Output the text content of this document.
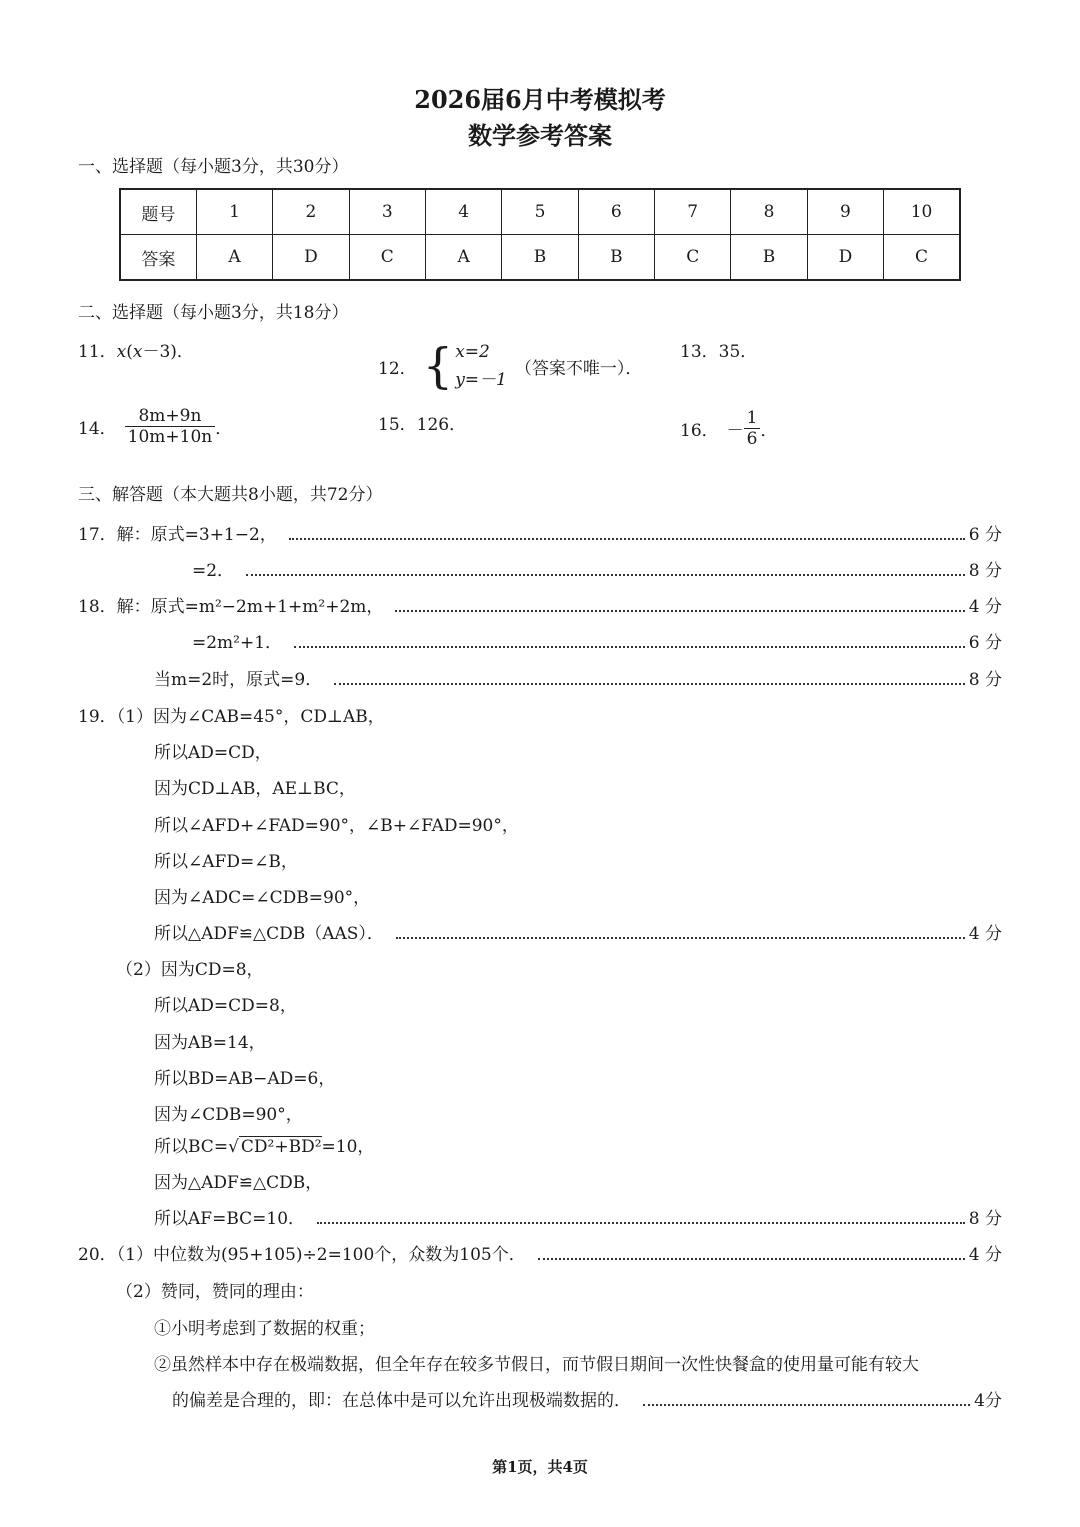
2026届6月中考模拟考
数学参考答案
一、选择题（每小题3分，共30分）
题号	1	2	3	4	5	6	7	8	9	10
答案	A	D	C	A	B	B	C	B	D	C
二、选择题（每小题3分，共18分）
11．x(x－3)．
12． { x=2
y=－1
（答案不唯一）．
13．35．
14． $\frac{8m+9n}{10m+10n}$ ．	15．126．	16． － $\frac{1}{6}$ ．
三、解答题（本大题共8小题，共72分）
17．解：原式=3+1−2，	6 分
=2．	8 分
18．解：原式=m²−2m+1+m²+2m，	4 分
=2m²+1．	6 分
当m=2时，原式=9．	8 分
19．（1）因为∠CAB=45°，CD⊥AB，
所以AD=CD，
因为CD⊥AB，AE⊥BC，
所以∠AFD+∠FAD=90°，∠B+∠FAD=90°，
所以∠AFD=∠B，
因为∠ADC=∠CDB=90°，
所以△ADF≌△CDB（AAS）．	4 分
（2）因为CD=8，
所以AD=CD=8，
因为AB=14，
所以BD=AB−AD=6，
因为∠CDB=90°，
所以BC=√ CD²+BD²=10，
因为△ADF≌△CDB，
所以AF=BC=10．	8 分
20．（1）中位数为(95+105)÷2=100个，众数为105个．	4 分
（2）赞同，赞同的理由：
①小明考虑到了数据的权重；
②虽然样本中存在极端数据，但全年存在较多节假日，而节假日期间一次性快餐盒的使用量可能有较大
的偏差是合理的，即：在总体中是可以允许出现极端数据的．	4分
第1页，共4页
